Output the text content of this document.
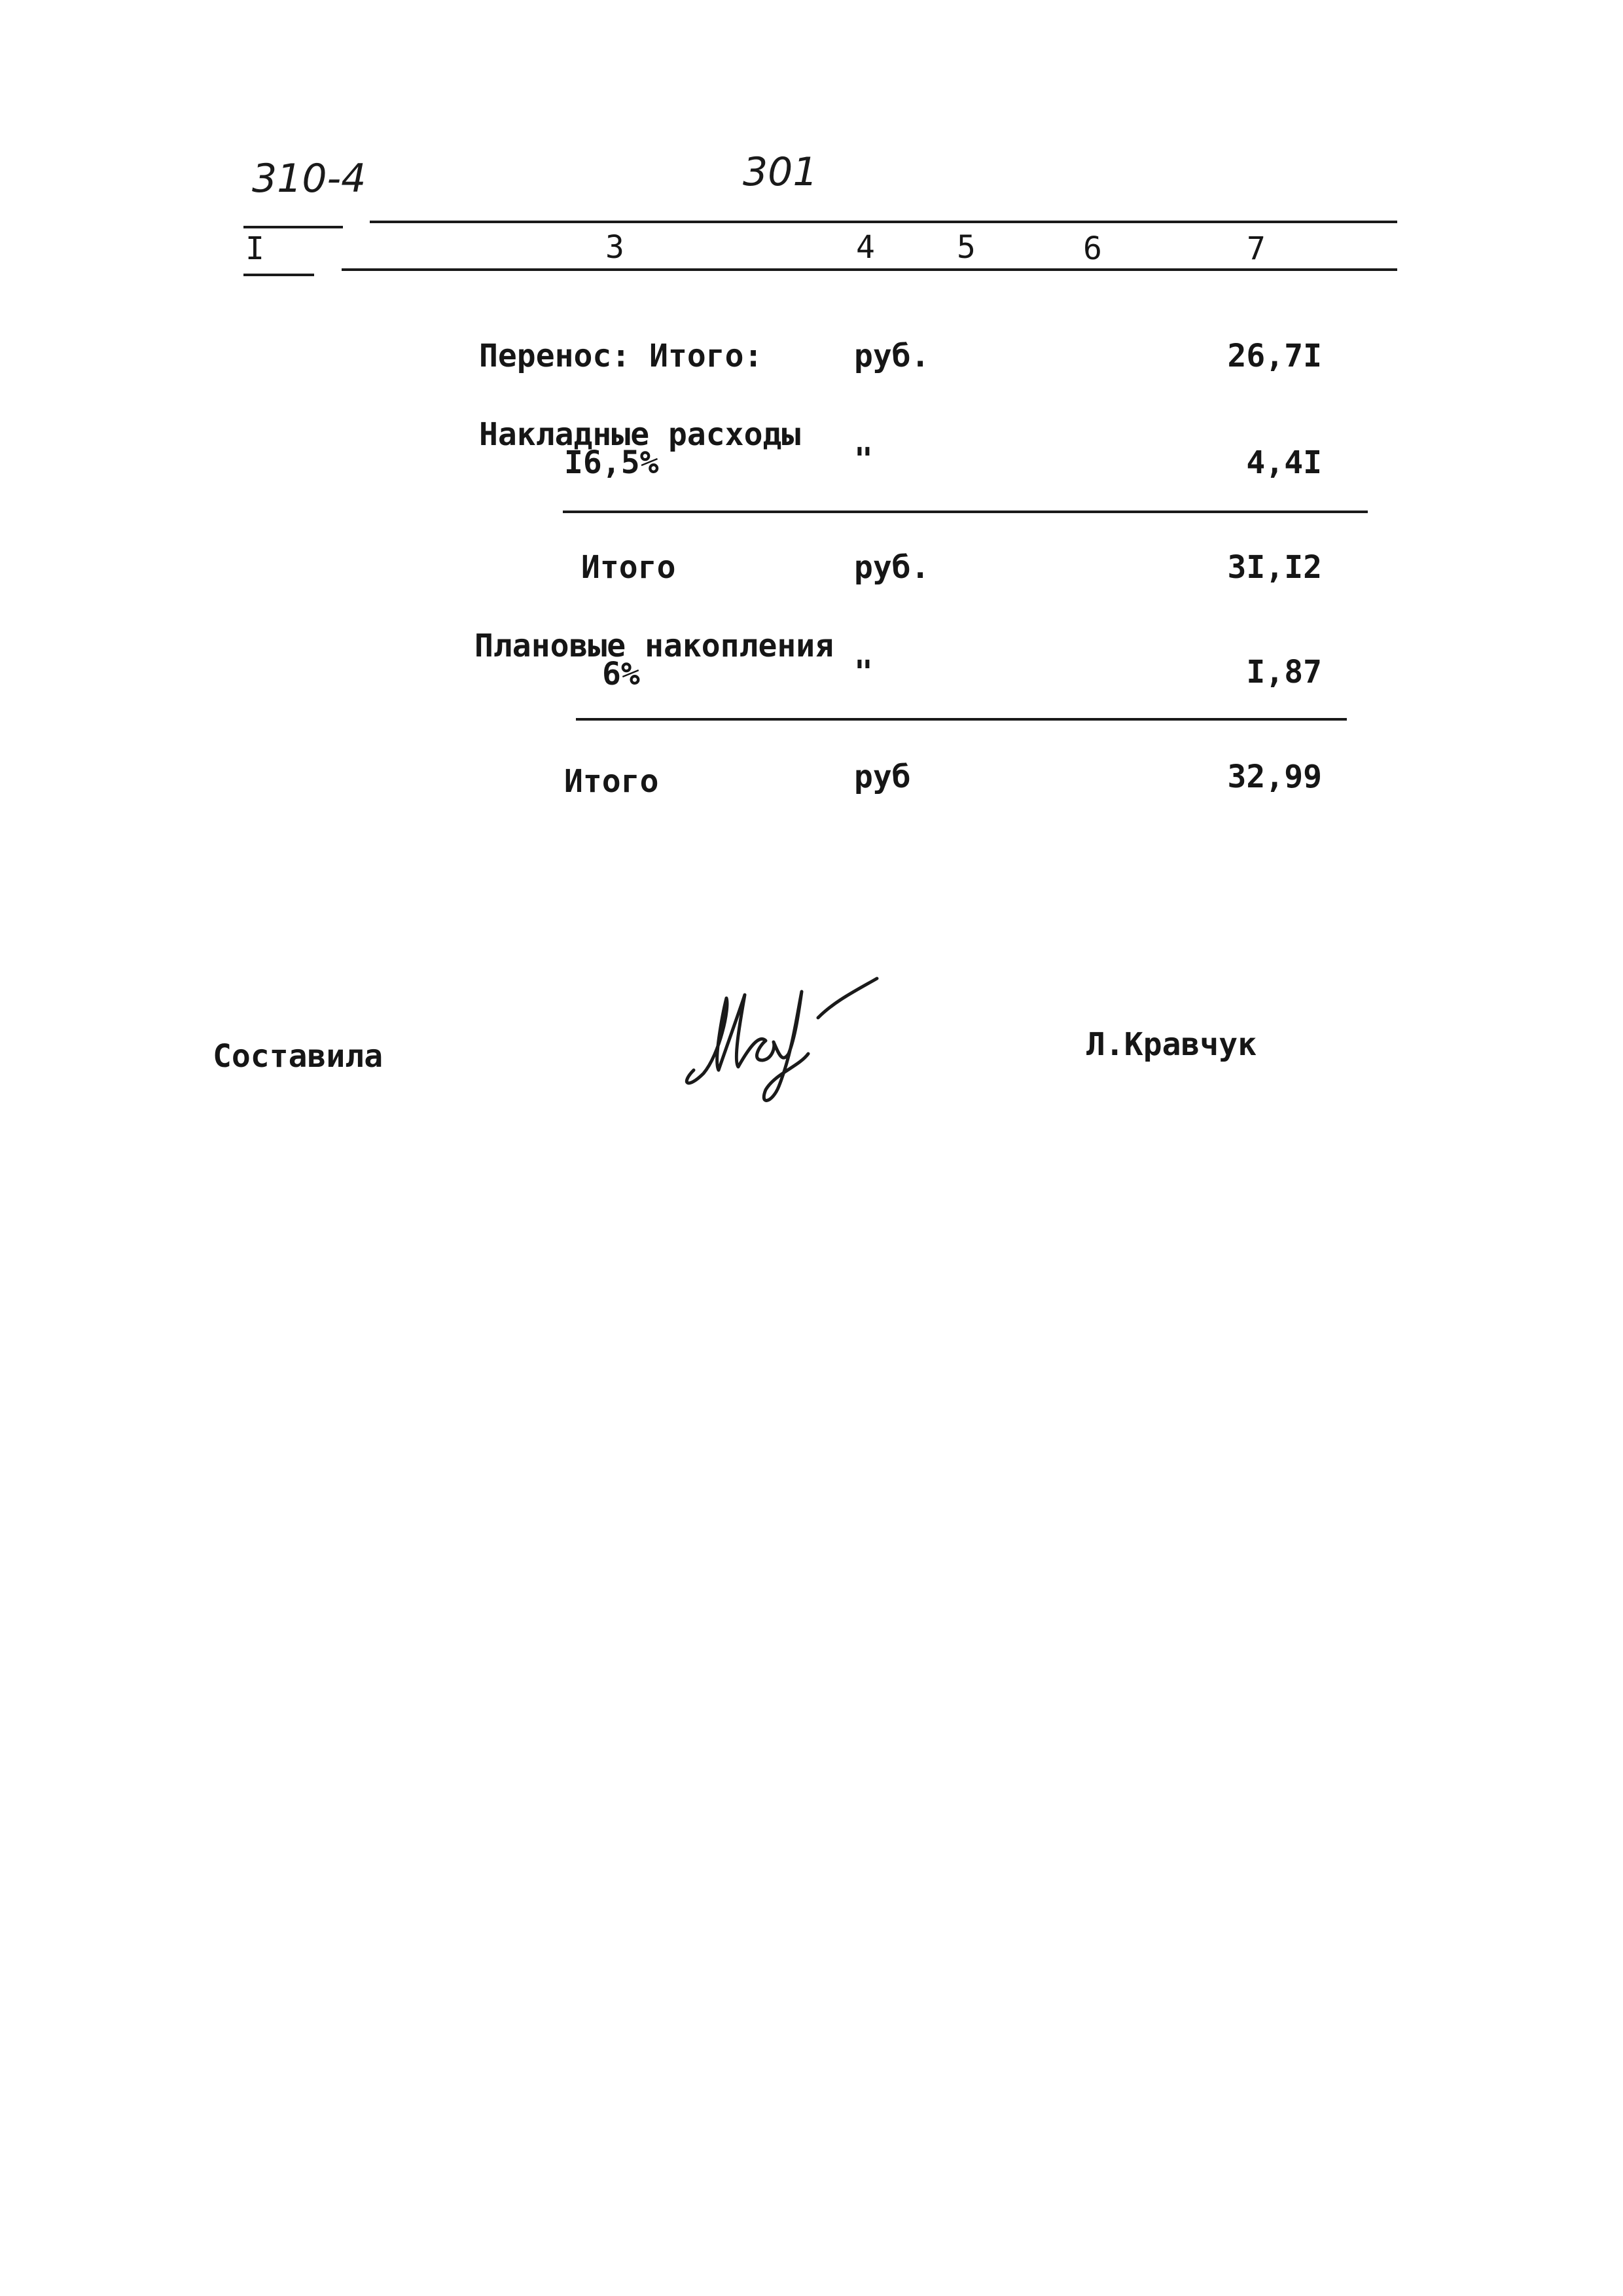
310-4	301
I	3	4	5	6	7
Перенос: Итого:	руб.	26,7I
Накладные расходы
I6,5%	"	4,4I
Итого	руб.	3I,I2
Плановые накопления
6%	"	I,87
Итого	руб	32,99
Составила	Л.Кравчук
